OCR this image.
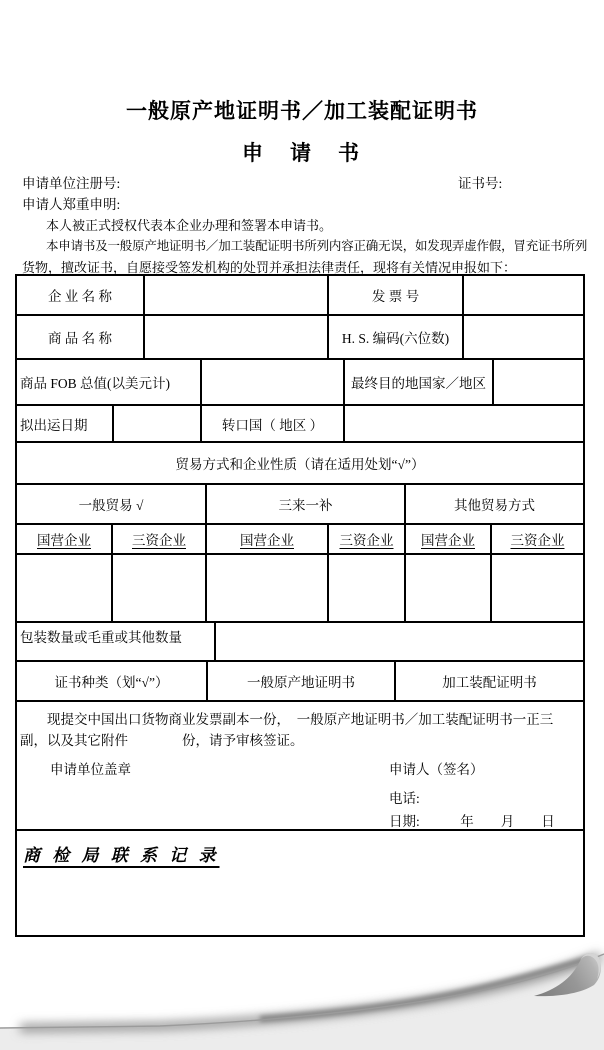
一般原产地证明书／加工装配证明书
申　请　书
申请单位注册号:	证书号:
申请人郑重申明:
本人被正式授权代表本企业办理和签署本申请书。
本申请书及一般原产地证明书／加工装配证明书所列内容正确无误，如发现弄虚作假，冒充证书所列
货物，擅改证书，自愿接受签发机构的处罚并承担法律责任，现将有关情况申报如下：
企 业 名 称	发 票 号
商 品 名 称	H. S. 编码(六位数)
商品 FOB 总值(以美元计)	最终目的地国家／地区
拟出运日期	转口国（ 地区 ）
贸易方式和企业性质（请在适用处划“√”）
一般贸易 √	三来一补	其他贸易方式
国营企业	三资企业	国营企业	三资企业 国营企业	三资企业
包装数量或毛重或其他数量
证书种类（划“√”）	一般原产地证明书	加工装配证明书
现提交中国出口货物商业发票副本一份，　一般原产地证明书／加工装配证明书一正三
副，以及其它附件　　　　份，请予审核签证。
申请单位盖章	申请人（签名）
电话:
日期:　　　年　　月　　日
商 检 局 联 系 记 录
